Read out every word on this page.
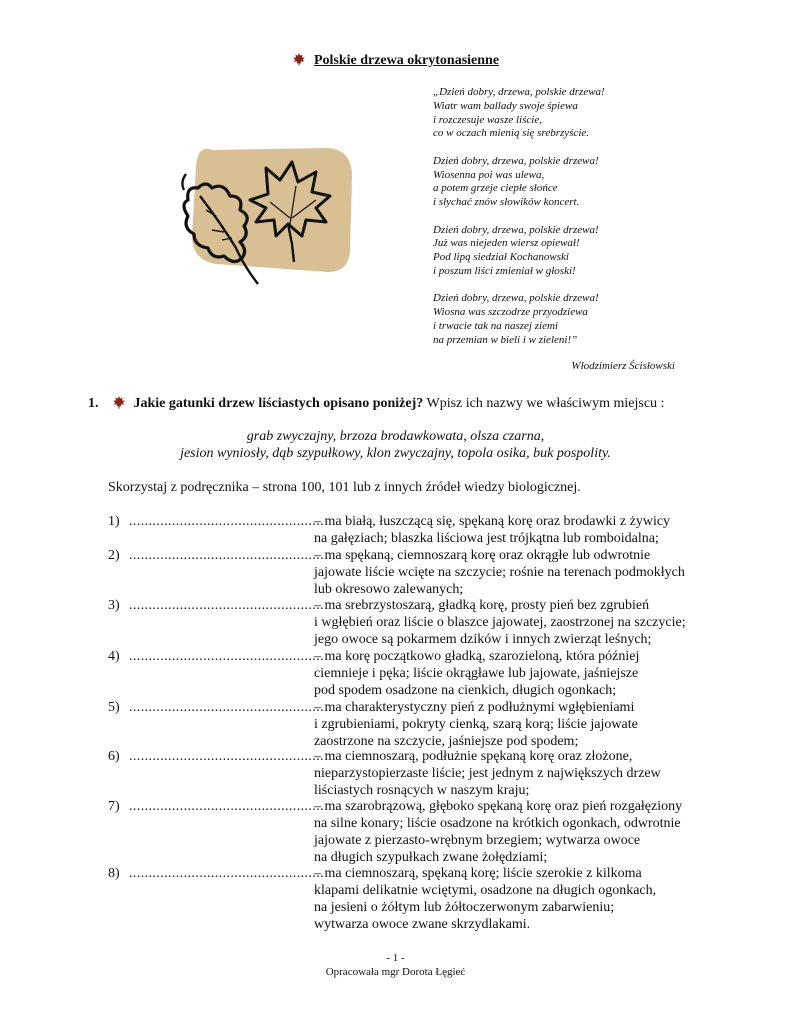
Polskie drzewa okrytonasienne
„Dzień dobry, drzewa, polskie drzewa!
Wiatr wam ballady swoje śpiewa
i rozczesuje wasze liście,
co w oczach mienią się srebrzyście.
Dzień dobry, drzewa, polskie drzewa!
Wiosenna poi was ulewa,
a potem grzeje ciepłe słońce
i słychać znów słowików koncert.
Dzień dobry, drzewa, polskie drzewa!
Już was niejeden wiersz opiewał!
Pod lipą siedział Kochanowski
i poszum liści zmieniał w głoski!
Dzień dobry, drzewa, polskie drzewa!
Wiosna was szczodrze przyodziewa
i trwacie tak na naszej ziemi
na przemian w bieli i w zieleni!”
Włodzimierz Ścisłowski
1.	Jakie gatunki drzew liściastych opisano poniżej? Wpisz ich nazwy we właściwym miejscu :
grab zwyczajny, brzoza brodawkowata, olsza czarna,
jesion wyniosły, dąb szypułkowy, klon zwyczajny, topola osika, buk pospolity.
Skorzystaj z podręcznika – strona 100, 101 lub z innych źródeł wiedzy biologicznej.
1) ..................................................
– ma białą, łuszczącą się, spękaną korę oraz brodawki z żywicy
na gałęziach; blaszka liściowa jest trójkątna lub romboidalna;
2) ..................................................
– ma spękaną, ciemnoszarą korę oraz okrągłe lub odwrotnie
jajowate liście wcięte na szczycie; rośnie na terenach podmokłych
lub okresowo zalewanych;
3) ..................................................
– ma srebrzystoszarą, gładką korę, prosty pień bez zgrubień
i wgłębień oraz liście o blaszce jajowatej, zaostrzonej na szczycie;
jego owoce są pokarmem dzików i innych zwierząt leśnych;
4) ..................................................
– ma korę początkowo gładką, szarozieloną, która później
ciemnieje i pęka; liście okrągławe lub jajowate, jaśniejsze
pod spodem osadzone na cienkich, długich ogonkach;
5) ..................................................
– ma charakterystyczny pień z podłużnymi wgłębieniami
i zgrubieniami, pokryty cienką, szarą korą; liście jajowate
zaostrzone na szczycie, jaśniejsze pod spodem;
6) ..................................................
– ma ciemnoszarą, podłużnie spękaną korę oraz złożone,
nieparzystopierzaste liście; jest jednym z największych drzew
liściastych rosnących w naszym kraju;
7) ..................................................
– ma szarobrązową, głęboko spękaną korę oraz pień rozgałęziony
na silne konary; liście osadzone na krótkich ogonkach, odwrotnie
jajowate z pierzasto-wrębnym brzegiem; wytwarza owoce
na długich szypułkach zwane żołędziami;
8) ..................................................
– ma ciemnoszarą, spękaną korę; liście szerokie z kilkoma
klapami delikatnie wciętymi, osadzone na długich ogonkach,
na jesieni o żółtym lub żółtoczerwonym zabarwieniu;
wytwarza owoce zwane skrzydlakami.
- 1 -
Opracowała mgr Dorota Łęgieć
